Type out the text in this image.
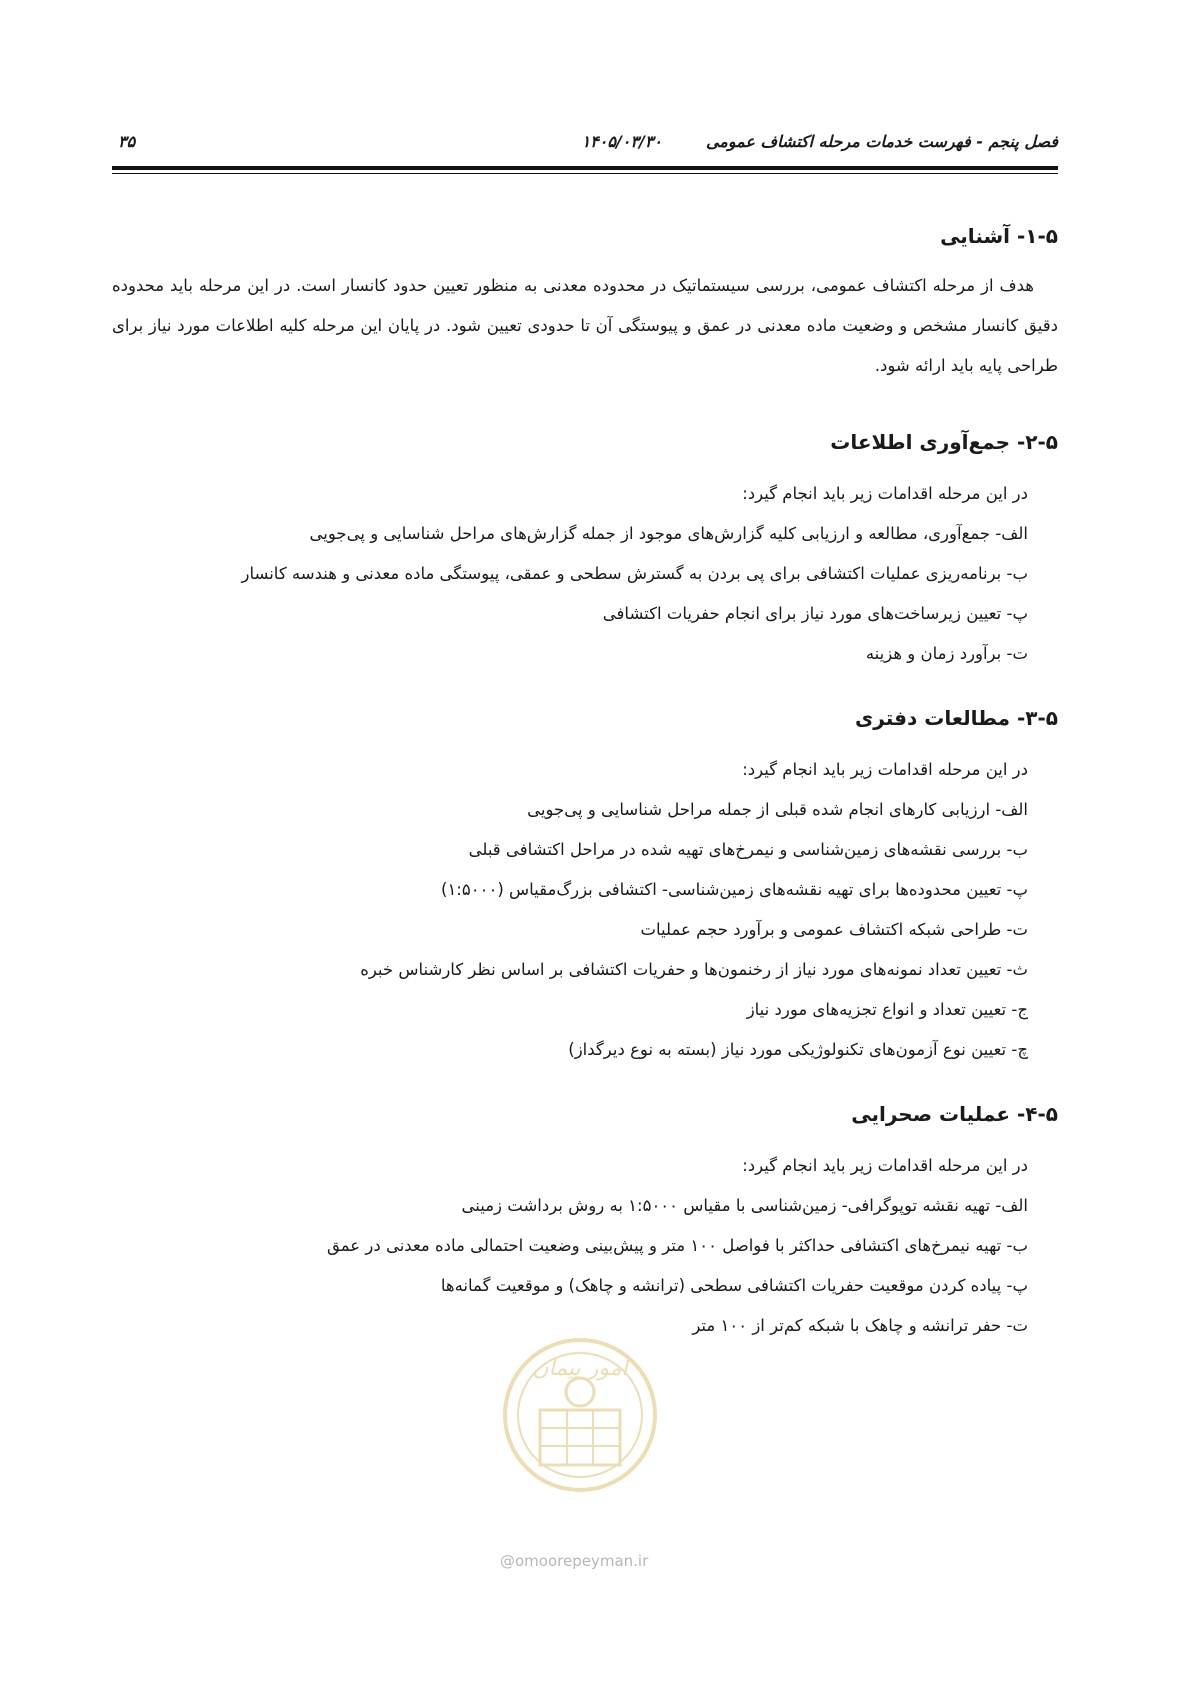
فصل پنجم - فهرست خدمات مرحله اکتشاف عمومی
۱۴۰۵/۰۳/۳۰
۳۵
۱-۵- آشنایی

هدف از مرحله اکتشاف عمومی، بررسی سیستماتیک در محدوده معدنی به منظور تعیین حدود کانسار است. در این مرحله باید محدوده دقیق کانسار مشخص و وضعیت ماده معدنی در عمق و پیوستگی آن تا حدودی تعیین شود. در پایان این مرحله کلیه اطلاعات مورد نیاز برای طراحی پایه باید ارائه شود.

۲-۵- جمع‌آوری اطلاعات

در این مرحله اقدامات زیر باید انجام گیرد:

الف- جمع‌آوری، مطالعه و ارزیابی کلیه گزارش‌های موجود از جمله گزارش‌های مراحل شناسایی و پی‌جویی
ب- برنامه‌ریزی عملیات اکتشافی برای پی بردن به گسترش سطحی و عمقی، پیوستگی ماده معدنی و هندسه کانسار
پ- تعیین زیرساخت‌های مورد نیاز برای انجام حفریات اکتشافی
ت- برآورد زمان و هزینه
۳-۵- مطالعات دفتری

در این مرحله اقدامات زیر باید انجام گیرد:

الف- ارزیابی کارهای انجام شده قبلی از جمله مراحل شناسایی و پی‌جویی
ب- بررسی نقشه‌های زمین‌شناسی و نیمرخ‌های تهیه شده در مراحل اکتشافی قبلی
پ- تعیین محدوده‌ها برای تهیه نقشه‌های زمین‌شناسی- اکتشافی بزرگ‌مقیاس (۱:۵۰۰۰)
ت- طراحی شبکه اکتشاف عمومی و برآورد حجم عملیات
ث- تعیین تعداد نمونه‌های مورد نیاز از رخنمون‌ها و حفریات اکتشافی بر اساس نظر کارشناس خبره
ج- تعیین تعداد و انواع تجزیه‌های مورد نیاز
چ- تعیین نوع آزمون‌های تکنولوژیکی مورد نیاز (بسته به نوع دیرگداز)
۴-۵- عملیات صحرایی

در این مرحله اقدامات زیر باید انجام گیرد:

الف- تهیه نقشه توپوگرافی- زمین‌شناسی با مقیاس ۱:۵۰۰۰ به روش برداشت زمینی
ب- تهیه نیمرخ‌های اکتشافی حداکثر با فواصل ۱۰۰ متر و پیش‌بینی وضعیت احتمالی ماده معدنی در عمق
پ- پیاده کردن موقعیت حفریات اکتشافی سطحی (ترانشه و چاهک) و موقعیت گمانه‌ها
ت- حفر ترانشه و چاهک با شبکه کم‌تر از ۱۰۰ متر
امور پیمان
@omoorepeyman.ir
